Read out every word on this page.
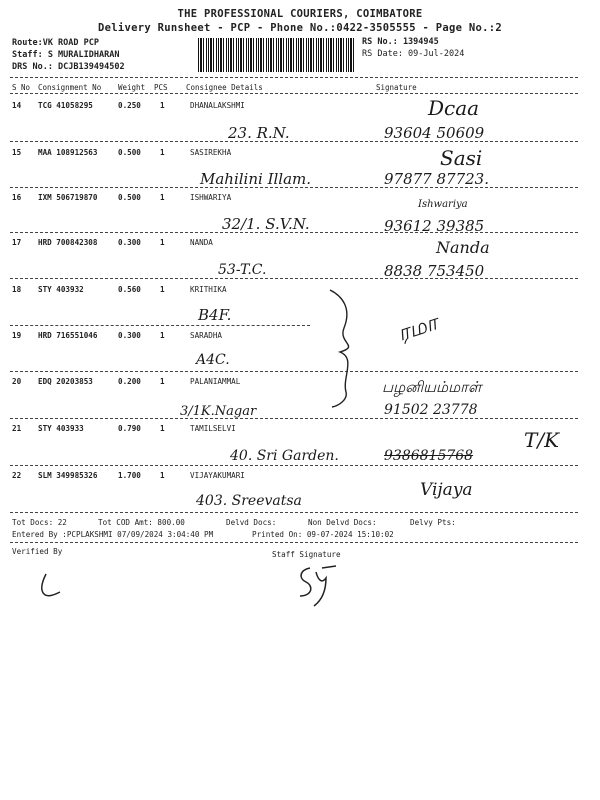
THE PROFESSIONAL COURIERS, COIMBATORE
Delivery Runsheet - PCP - Phone No.:0422-3505555 - Page No.:2
Route:VK ROAD PCP
Staff: S MURALIDHARAN
DRS No.: DCJB139494502
RS No.: 1394945
RS Date: 09-Jul-2024
S No Consignment No Weight PCS Consignee Details	Signature
14 TCG 41058295	0.250	1	DHANALAKSHMI
23. R.N.	93604 50609
Dcaa
15 MAA 108912563	0.500	1	SASIREKHA
Mahilini Illam.	97877 87723.
Sasi
16 IXM 506719870	0.500	1	ISHWARIYA
32/1. S.V.N.	93612 39385
Ishwariya
17 HRD 700842308	0.300	1	NANDA
53-T.C.	8838 753450
Nanda
18 STY 403932	0.560	1	KRITHIKA
B4F.
19 HRD 716551046	0.300	1	SARADHA
A4C.
ரமா
20 EDQ 20203853	0.200	1	PALANIAMMAL
3/1K.Nagar	91502 23778
பழனியம்மாள்
21 STY 403933	0.790	1	TAMILSELVI
40. Sri Garden.	9386815768
T/K
22 SLM 349985326	1.700	1	VIJAYAKUMARI
403. Sreevatsa
Vijaya
Tot Docs: 22	Tot COD Amt: 800.00	Delvd Docs:	Non Delvd Docs:	Delvy Pts:
Entered By :PCPLAKSHMI 07/09/2024 3:04:40 PM	Printed On: 09-07-2024 15:10:02
Verified By	Staff Signature
